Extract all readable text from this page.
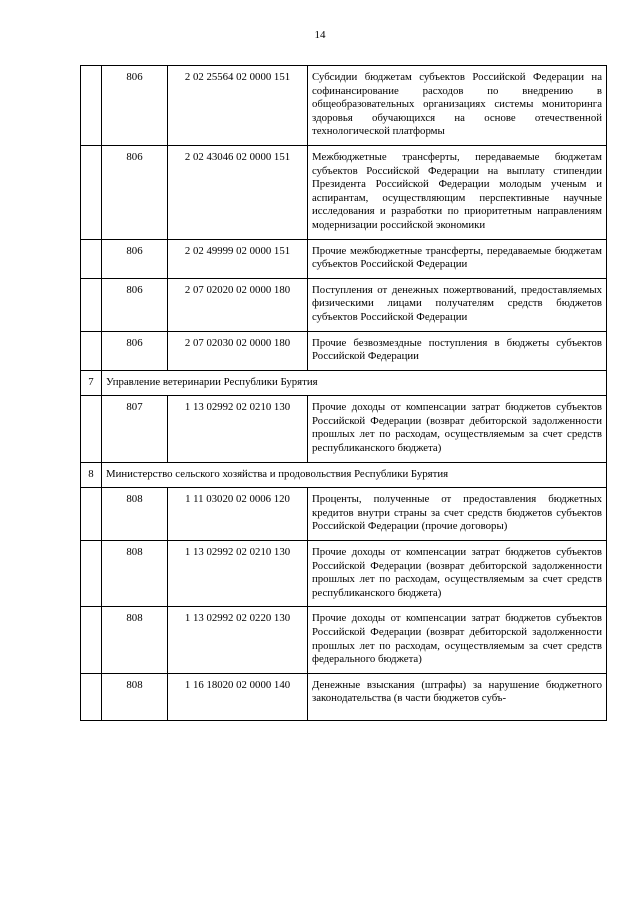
14
	806	2 02 25564 02 0000 151	Субсидии бюджетам субъектов Российской Федерации на софинансирование расходов по внедрению в общеобразовательных организациях системы мониторинга здоровья обучающихся на основе отечественной технологической платформы
	806	2 02 43046 02 0000 151	Межбюджетные трансферты, передаваемые бюджетам субъектов Российской Федерации на выплату стипендии Президента Российской Федерации молодым ученым и аспирантам, осуществляющим перспективные научные исследования и разработки по приоритетным направлениям модернизации российской экономики
	806	2 02 49999 02 0000 151	Прочие межбюджетные трансферты, передаваемые бюджетам субъектов Российской Федерации
	806	2 07 02020 02 0000 180	Поступления от денежных пожертвований, предоставляемых физическими лицами получателям средств бюджетов субъектов Российской Федерации
	806	2 07 02030 02 0000 180	Прочие безвозмездные поступления в бюджеты субъектов Российской Федерации
7	Управление ветеринарии Республики Бурятия		
	807	1 13 02992 02 0210 130	Прочие доходы от компенсации затрат бюджетов субъектов Российской Федерации (возврат дебиторской задолженности прошлых лет по расходам, осуществляемым за счет средств республиканского бюджета)
8	Министерство сельского хозяйства и продовольствия Республики Бурятия		
	808	1 11 03020 02 0006 120	Проценты, полученные от предоставления бюджетных кредитов внутри страны за счет средств бюджетов субъектов Российской Федерации (прочие договоры)
	808	1 13 02992 02 0210 130	Прочие доходы от компенсации затрат бюджетов субъектов Российской Федерации (возврат дебиторской задолженности прошлых лет по расходам, осуществляемым за счет средств республиканского бюджета)
	808	1 13 02992 02 0220 130	Прочие доходы от компенсации затрат бюджетов субъектов Российской Федерации (возврат дебиторской задолженности прошлых лет по расходам, осуществляемым за счет средств федерального бюджета)
	808	1 16 18020 02 0000 140	Денежные взыскания (штрафы) за нарушение бюджетного законодательства (в части бюджетов субъ-
